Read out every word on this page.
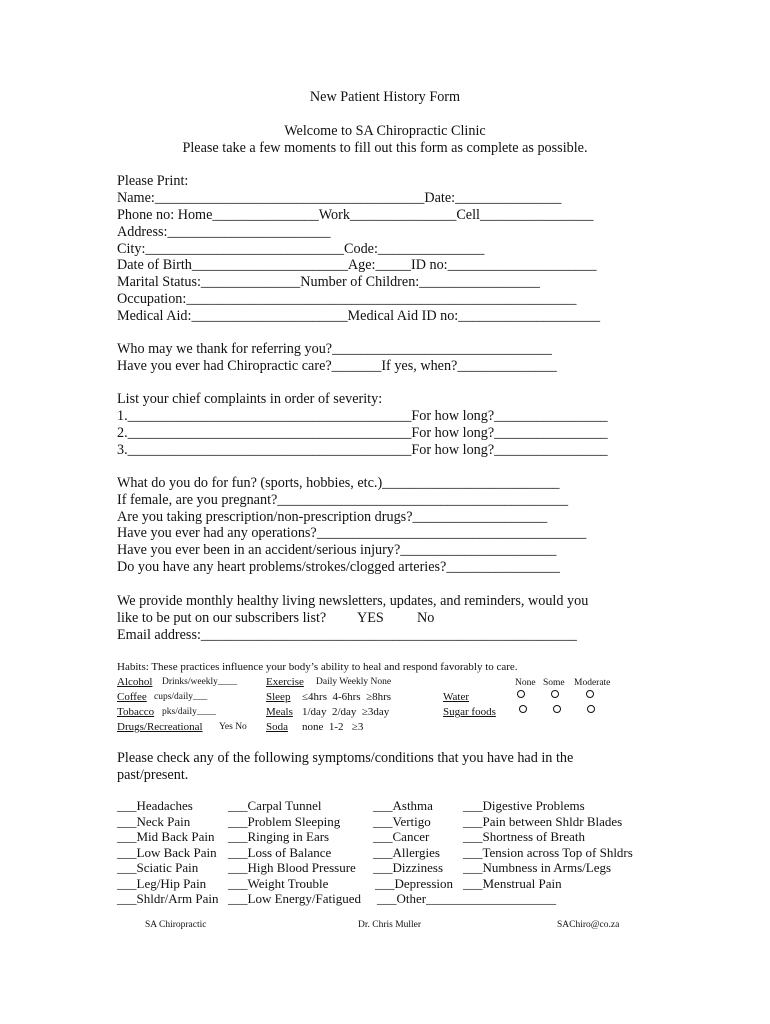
New Patient History Form
Welcome to SA Chiropractic Clinic
Please take a few moments to fill out this form as complete as possible.
Please Print:
Name:______________________________________Date:_______________
Phone no: Home_______________Work_______________Cell________________
Address:_______________________
City:____________________________Code:_______________
Date of Birth______________________Age:_____ID no:_____________________
Marital Status:______________Number of Children:_________________
Occupation:_______________________________________________________
Medical Aid:______________________Medical Aid ID no:____________________
Who may we thank for referring you?_______________________________
Have you ever had Chiropractic care?_______If yes, when?______________
List your chief complaints in order of severity:
1.________________________________________For how long?________________
2.________________________________________For how long?________________
3.________________________________________For how long?________________
What do you do for fun? (sports, hobbies, etc.)_________________________
If female, are you pregnant?_________________________________________
Are you taking prescription/non-prescription drugs?___________________
Have you ever had any operations?______________________________________
Have you ever been in an accident/serious injury?______________________
Do you have any heart problems/strokes/clogged arteries?________________
We provide monthly healthy living newsletters, updates, and reminders, would you
like to be put on our subscribers list? YES No
Email address:_____________________________________________________
Habits: These practices influence your body’s ability to heal and respond favorably to care.
Alcohol Drinks/weekly____
Coffee cups/daily___
Tobacco pks/daily____
Drugs/Recreational Yes No
Exercise Daily Weekly None
Sleep ≤4hrs  4-6hrs  ≥8hrs
Meals 1/day  2/day  ≥3day
Soda none  1-2   ≥3
None Some Moderate
Water
Sugar foods
Please check any of the following symptoms/conditions that you have had in the
past/present.
___Headaches
___Neck Pain
___Mid Back Pain
___Low Back Pain
___Sciatic Pain
___Leg/Hip Pain
___Shldr/Arm Pain
___Carpal Tunnel
___Problem Sleeping
___Ringing in Ears
___Loss of Balance
___High Blood Pressure
___Weight Trouble
___Low Energy/Fatigued
___Asthma
___Vertigo
___Cancer
___Allergies
___Dizziness
___Depression
___Digestive Problems
___Pain between Shldr Blades
___Shortness of Breath
___Tension across Top of Shldrs
___Numbness in Arms/Legs
___Menstrual Pain
___Other____________________
SA Chiropractic	Dr. Chris Muller	SAChiro@co.za
